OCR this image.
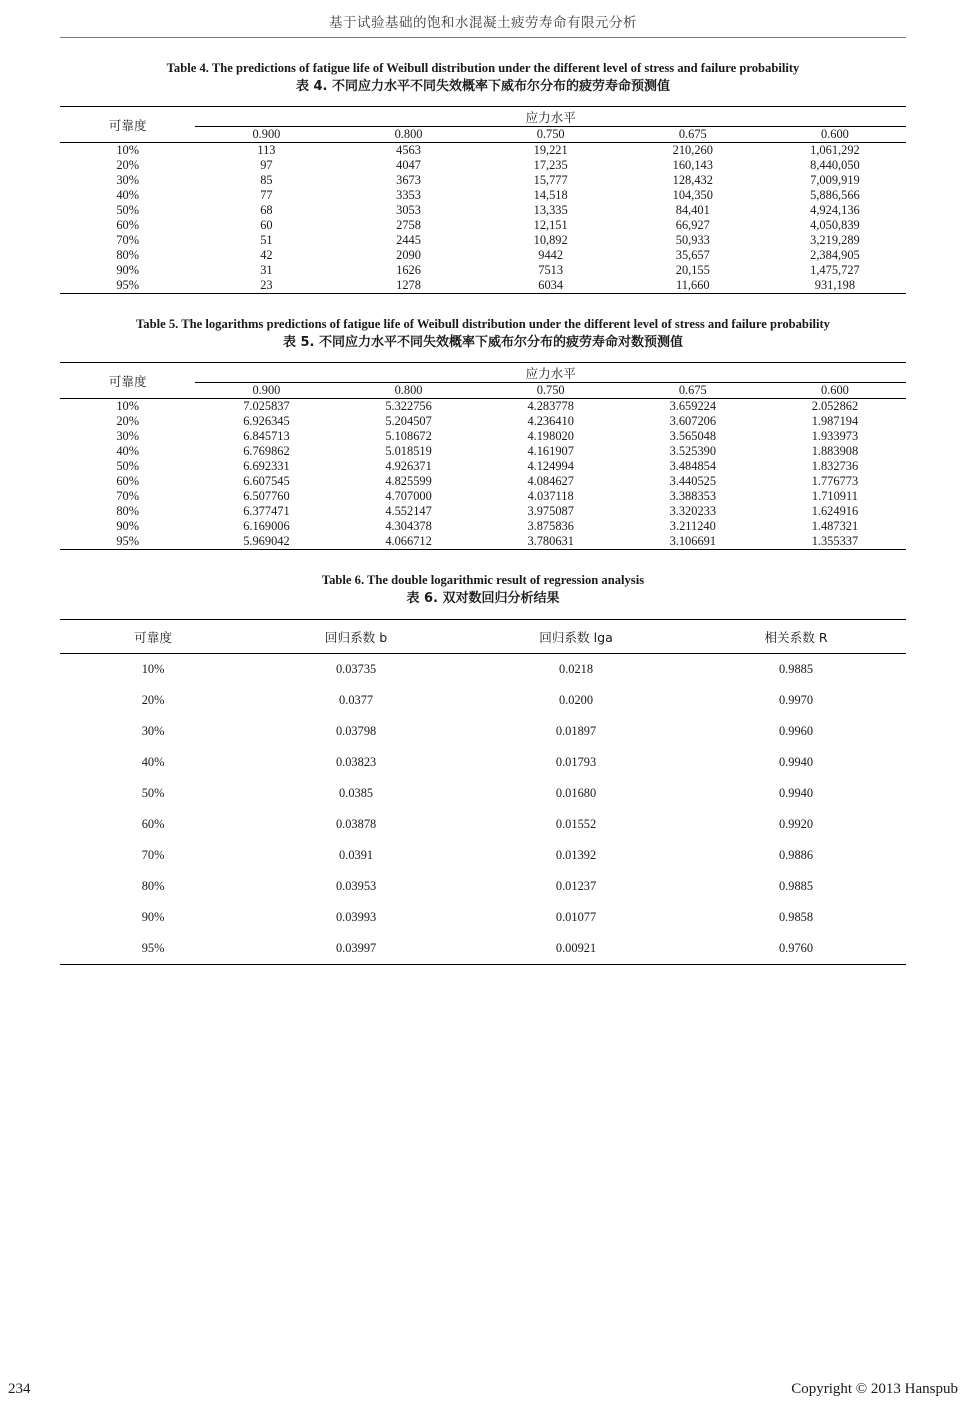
基于试验基础的饱和水混凝土疲劳寿命有限元分析
Table 4. The predictions of fatigue life of Weibull distribution under the different level of stress and failure probability
表 4. 不同应力水平不同失效概率下威布尔分布的疲劳寿命预测值
可靠度	应力水平				
	0.900	0.800	0.750	0.675	0.600
10%	113	4563	19,221	210,260	1,061,292
20%	97	4047	17,235	160,143	8,440,050
30%	85	3673	15,777	128,432	7,009,919
40%	77	3353	14,518	104,350	5,886,566
50%	68	3053	13,335	84,401	4,924,136
60%	60	2758	12,151	66,927	4,050,839
70%	51	2445	10,892	50,933	3,219,289
80%	42	2090	9442	35,657	2,384,905
90%	31	1626	7513	20,155	1,475,727
95%	23	1278	6034	11,660	931,198
Table 5. The logarithms predictions of fatigue life of Weibull distribution under the different level of stress and failure probability
表 5. 不同应力水平不同失效概率下威布尔分布的疲劳寿命对数预测值
可靠度	应力水平				
	0.900	0.800	0.750	0.675	0.600
10%	7.025837	5.322756	4.283778	3.659224	2.052862
20%	6.926345	5.204507	4.236410	3.607206	1.987194
30%	6.845713	5.108672	4.198020	3.565048	1.933973
40%	6.769862	5.018519	4.161907	3.525390	1.883908
50%	6.692331	4.926371	4.124994	3.484854	1.832736
60%	6.607545	4.825599	4.084627	3.440525	1.776773
70%	6.507760	4.707000	4.037118	3.388353	1.710911
80%	6.377471	4.552147	3.975087	3.320233	1.624916
90%	6.169006	4.304378	3.875836	3.211240	1.487321
95%	5.969042	4.066712	3.780631	3.106691	1.355337
Table 6. The double logarithmic result of regression analysis
表 6. 双对数回归分析结果
可靠度	回归系数 b	回归系数 lga	相关系数 R
10%	0.03735	0.0218	0.9885
20%	0.0377	0.0200	0.9970
30%	0.03798	0.01897	0.9960
40%	0.03823	0.01793	0.9940
50%	0.0385	0.01680	0.9940
60%	0.03878	0.01552	0.9920
70%	0.0391	0.01392	0.9886
80%	0.03953	0.01237	0.9885
90%	0.03993	0.01077	0.9858
95%	0.03997	0.00921	0.9760
234	Copyright © 2013 Hanspub
